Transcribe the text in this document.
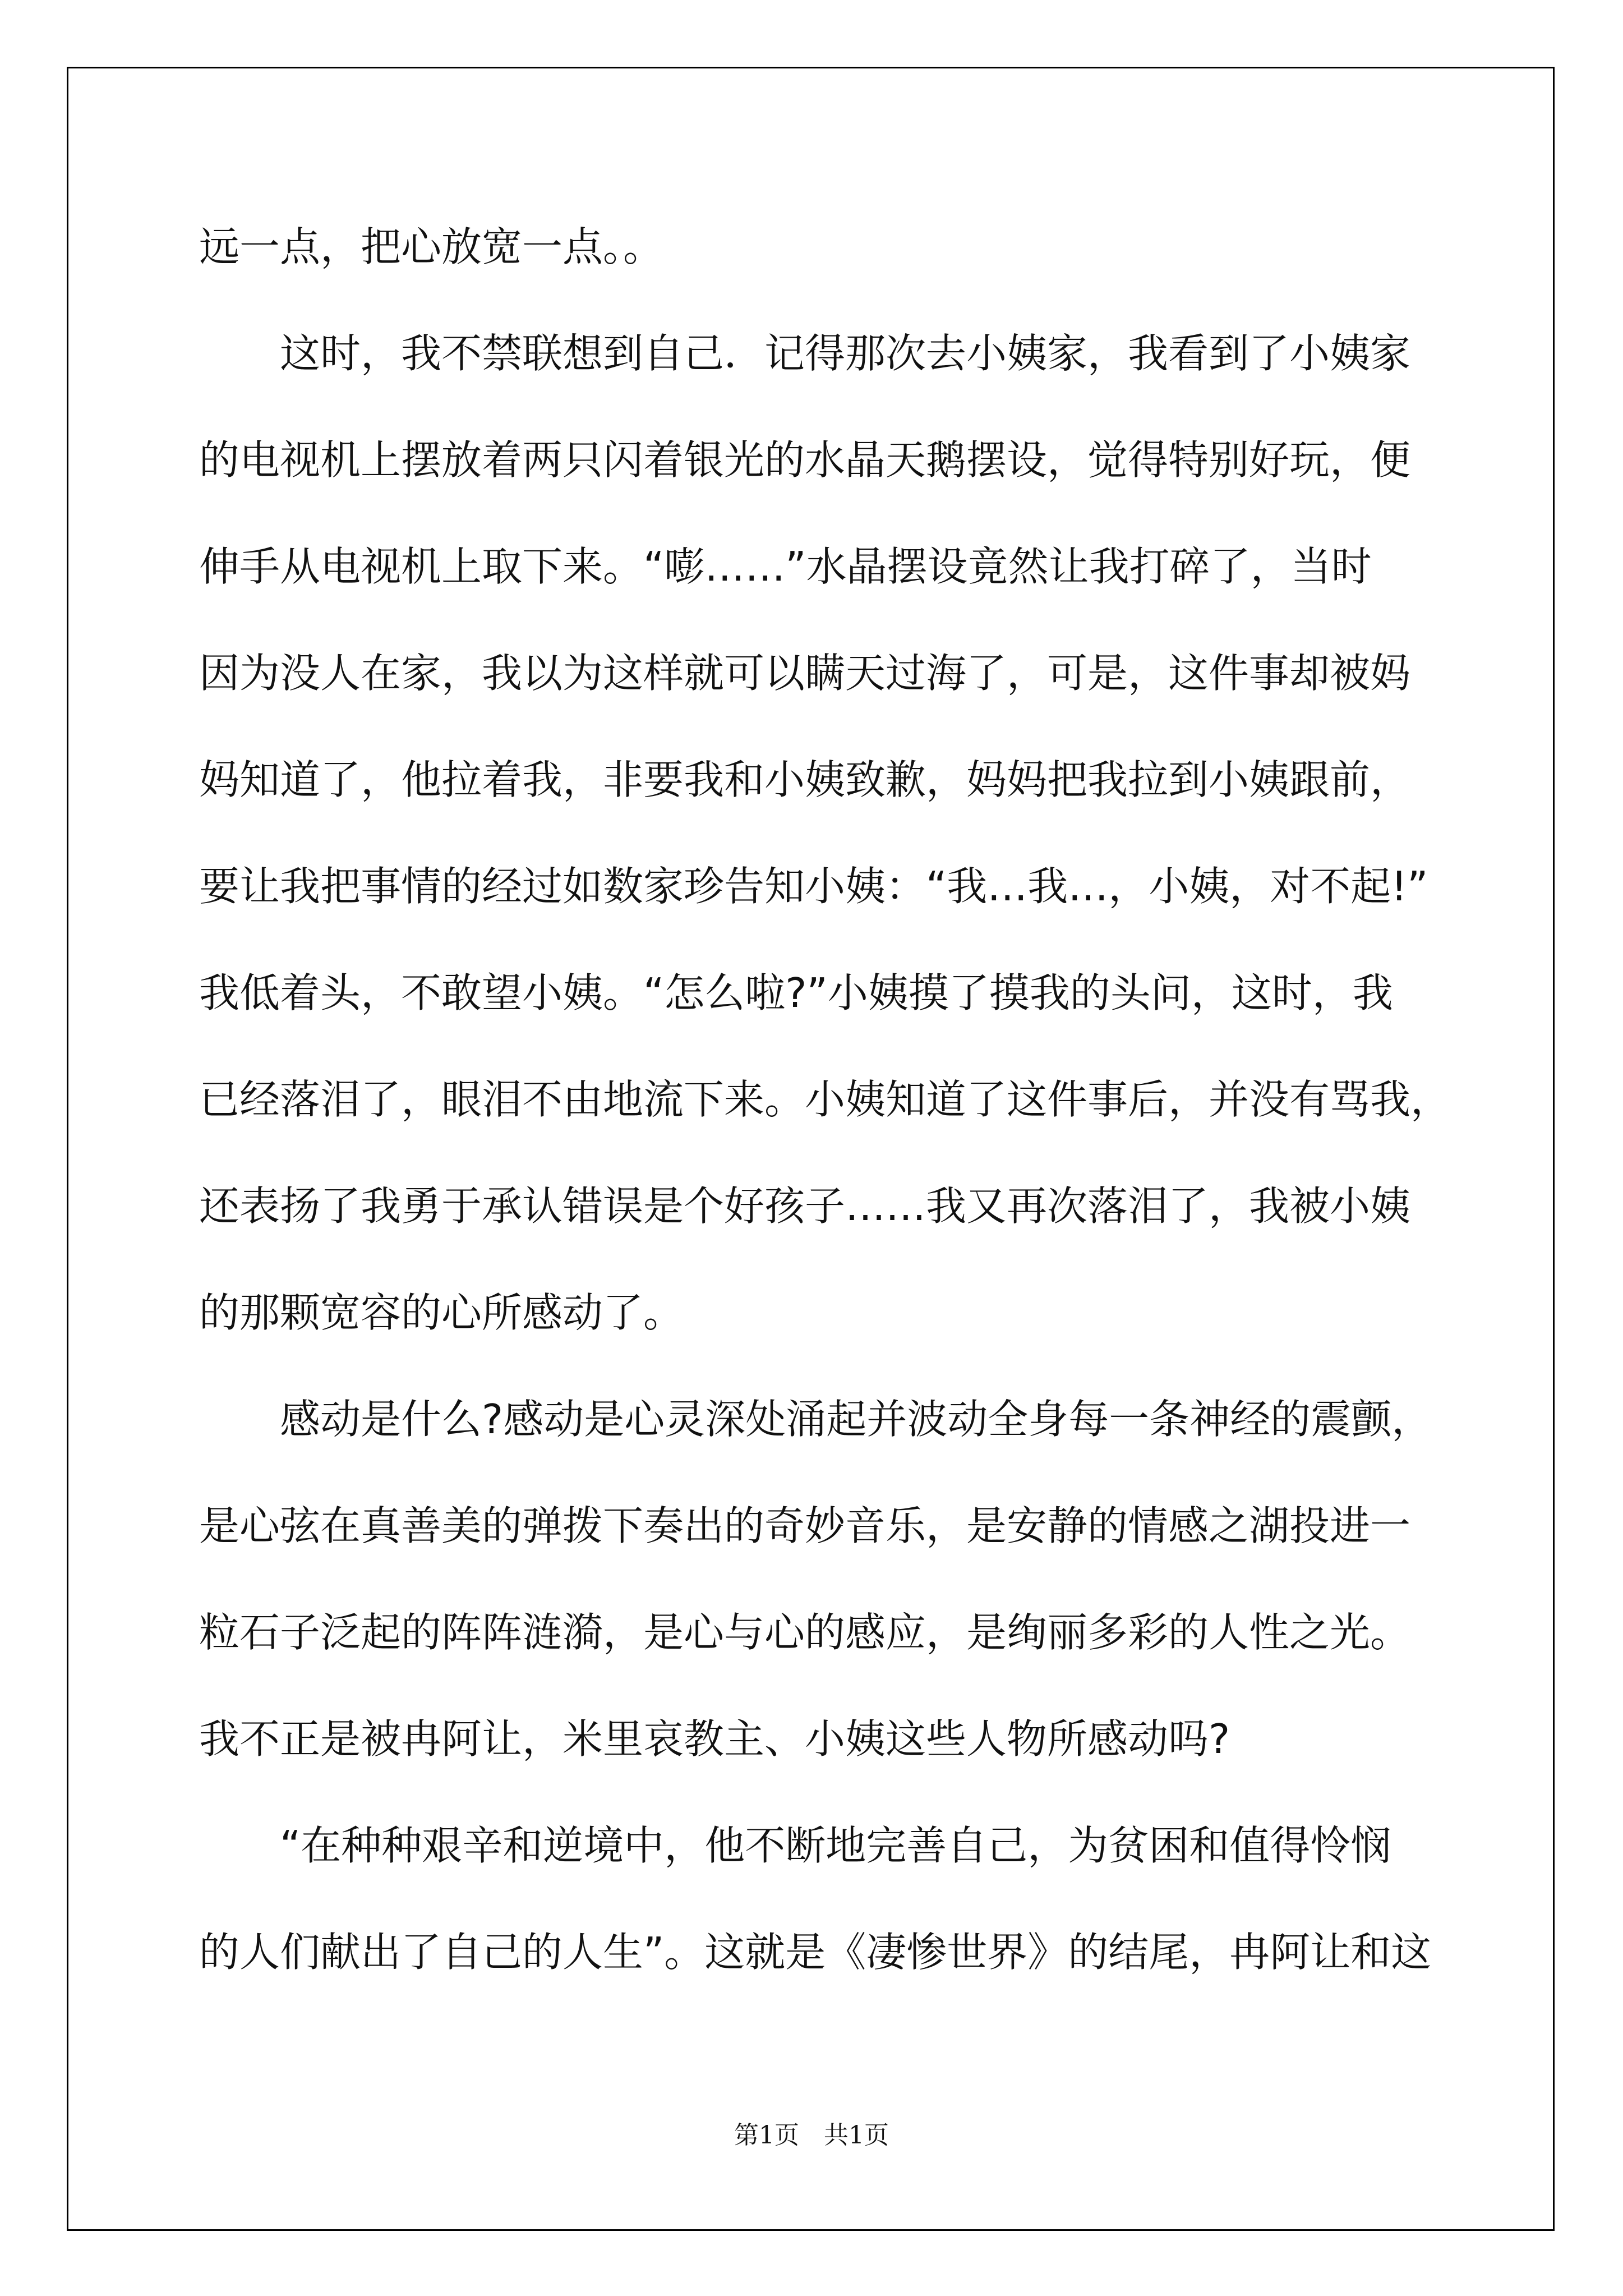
远一点，把心放宽一点。。
这时，我不禁联想到自己．记得那次去小姨家，我看到了小姨家
的电视机上摆放着两只闪着银光的水晶天鹅摆设，觉得特别好玩，便
伸手从电视机上取下来。“嘭……”水晶摆设竟然让我打碎了，当时
因为没人在家，我以为这样就可以瞒天过海了，可是，这件事却被妈
妈知道了，他拉着我，非要我和小姨致歉，妈妈把我拉到小姨跟前，
要让我把事情的经过如数家珍告知小姨：“我…我…，小姨，对不起!”
我低着头，不敢望小姨。“怎么啦?”小姨摸了摸我的头问，这时，我
已经落泪了，眼泪不由地流下来。小姨知道了这件事后，并没有骂我，
还表扬了我勇于承认错误是个好孩子……我又再次落泪了，我被小姨
的那颗宽容的心所感动了。
感动是什么?感动是心灵深处涌起并波动全身每一条神经的震颤，
是心弦在真善美的弹拨下奏出的奇妙音乐，是安静的情感之湖投进一
粒石子泛起的阵阵涟漪，是心与心的感应，是绚丽多彩的人性之光。
我不正是被冉阿让，米里哀教主、小姨这些人物所感动吗?
“在种种艰辛和逆境中，他不断地完善自己，为贫困和值得怜悯
的人们献出了自己的人生”。这就是《凄惨世界》的结尾，冉阿让和这
第1页　共1页
